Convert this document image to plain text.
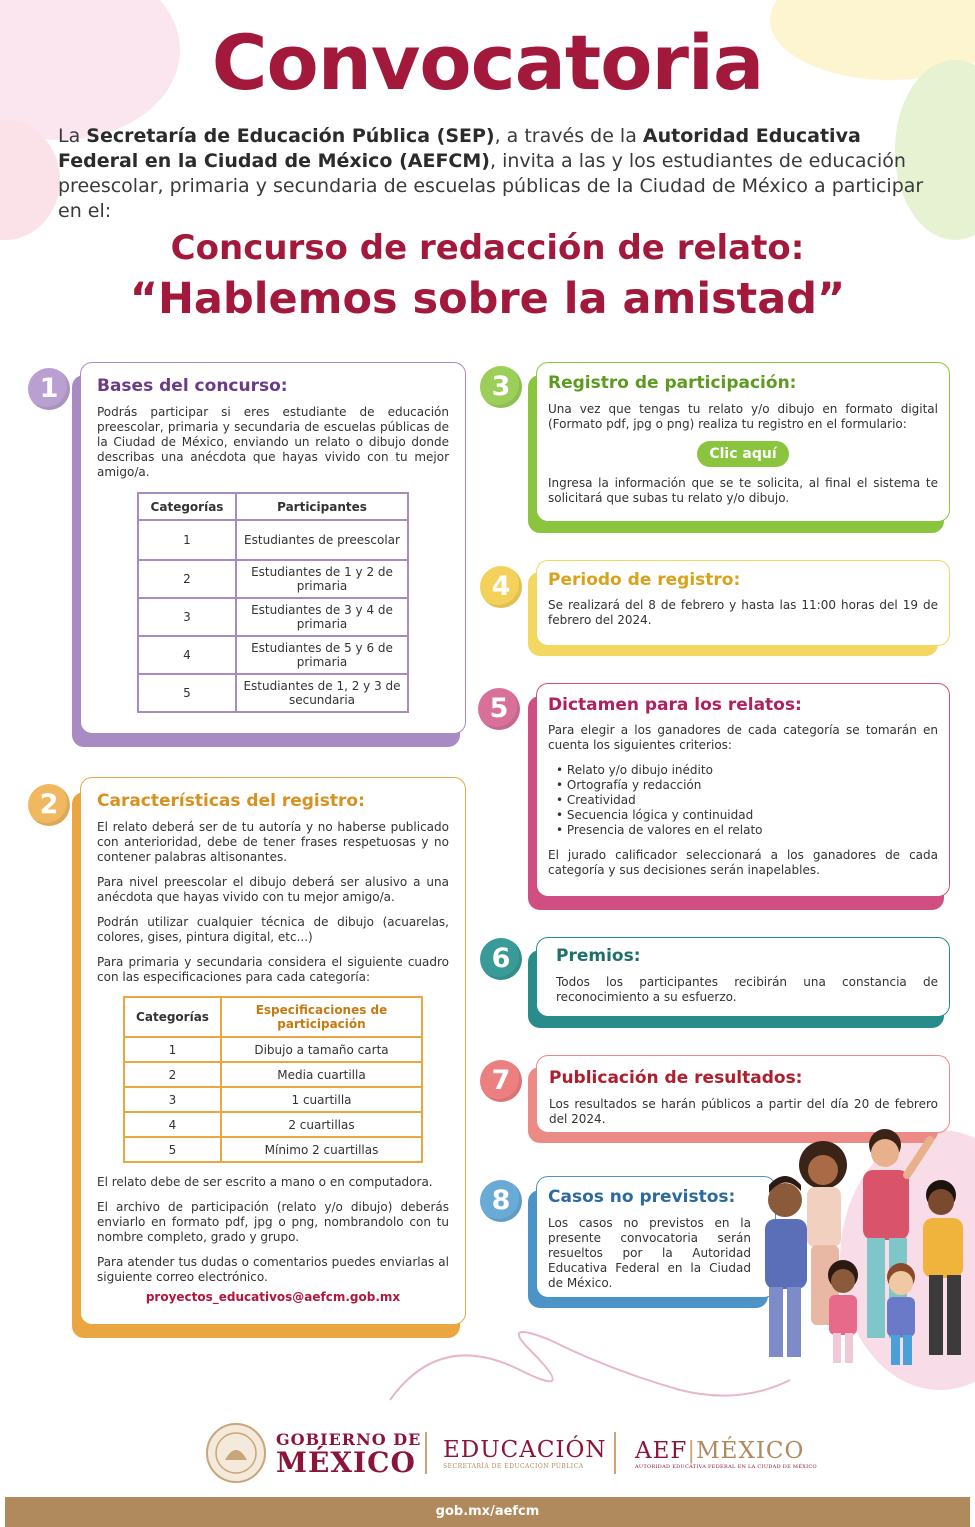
Convocatoria
La Secretaría de Educación Pública (SEP), a través de la Autoridad Educativa Federal en la Ciudad de México (AEFCM), invita a las y los estudiantes de educación preescolar, primaria y secundaria de escuelas públicas de la Ciudad de México a participar en el:
Concurso de redacción de relato:
“Hablemos sobre la amistad”
1	Bases del concurso:
Podrás participar si eres estudiante de educación preescolar, primaria y secundaria de escuelas públicas de la Ciudad de México, enviando un relato o dibujo donde describas una anécdota que hayas vivido con tu mejor amigo/a.
Categorías	Participantes
1	Estudiantes de preescolar
2	Estudiantes de 1 y 2 de primaria
3	Estudiantes de 3 y 4 de primaria
4	Estudiantes de 5 y 6 de primaria
5	Estudiantes de 1, 2 y 3 de secundaria
2	Características del registro:
El relato deberá ser de tu autoría y no haberse publicado con anterioridad, debe de tener frases respetuosas y no contener palabras altisonantes.
Para nivel preescolar el dibujo deberá ser alusivo a una anécdota que hayas vivido con tu mejor amigo/a.
Podrán utilizar cualquier técnica de dibujo (acuarelas, colores, gises, pintura digital, etc...)
Para primaria y secundaria considera el siguiente cuadro con las especificaciones para cada categoría:
Categorías	Especificaciones de participación
1	Dibujo a tamaño carta
2	Media cuartilla
3	1 cuartilla
4	2 cuartillas
5	Mínimo 2 cuartillas
El relato debe de ser escrito a mano o en computadora.
El archivo de participación (relato y/o dibujo) deberás enviarlo en formato pdf, jpg o png, nombrandolo con tu nombre completo, grado y grupo.
Para atender tus dudas o comentarios puedes enviarlas al siguiente correo electrónico.
proyectos_educativos@aefcm.gob.mx
3	Registro de participación:
Una vez que tengas tu relato y/o dibujo en formato digital (Formato pdf, jpg o png) realiza tu registro en el formulario:
Clic aquí
Ingresa la información que se te solicita, al final el sistema te solicitará que subas tu relato y/o dibujo.
4	Periodo de registro:
Se realizará del 8 de febrero y hasta las 11:00 horas del 19 de febrero del 2024.
5	Dictamen para los relatos:
Para elegir a los ganadores de cada categoría se tomarán en cuenta los siguientes criterios:
• Relato y/o dibujo inédito
• Ortografía y redacción
• Creatividad
• Secuencia lógica y continuidad
• Presencia de valores en el relato
El jurado calificador seleccionará a los ganadores de cada categoría y sus decisiones serán inapelables.
6	Premios:
Todos los participantes recibirán una constancia de reconocimiento a su esfuerzo.
7	Publicación de resultados:
Los resultados se harán públicos a partir del día 20 de febrero del 2024.
8	Casos no previstos:
Los casos no previstos en la presente convocatoria serán resueltos por la Autoridad Educativa Federal en la Ciudad de México.
GOBIERNO DE
MÉXICO EDUCACIÓN
SECRETARÍA DE EDUCACIÓN PÚBLICA
AEF|MÉXICO
AUTORIDAD EDUCATIVA FEDERAL EN LA CIUDAD DE MÉXICO
gob.mx/aefcm
